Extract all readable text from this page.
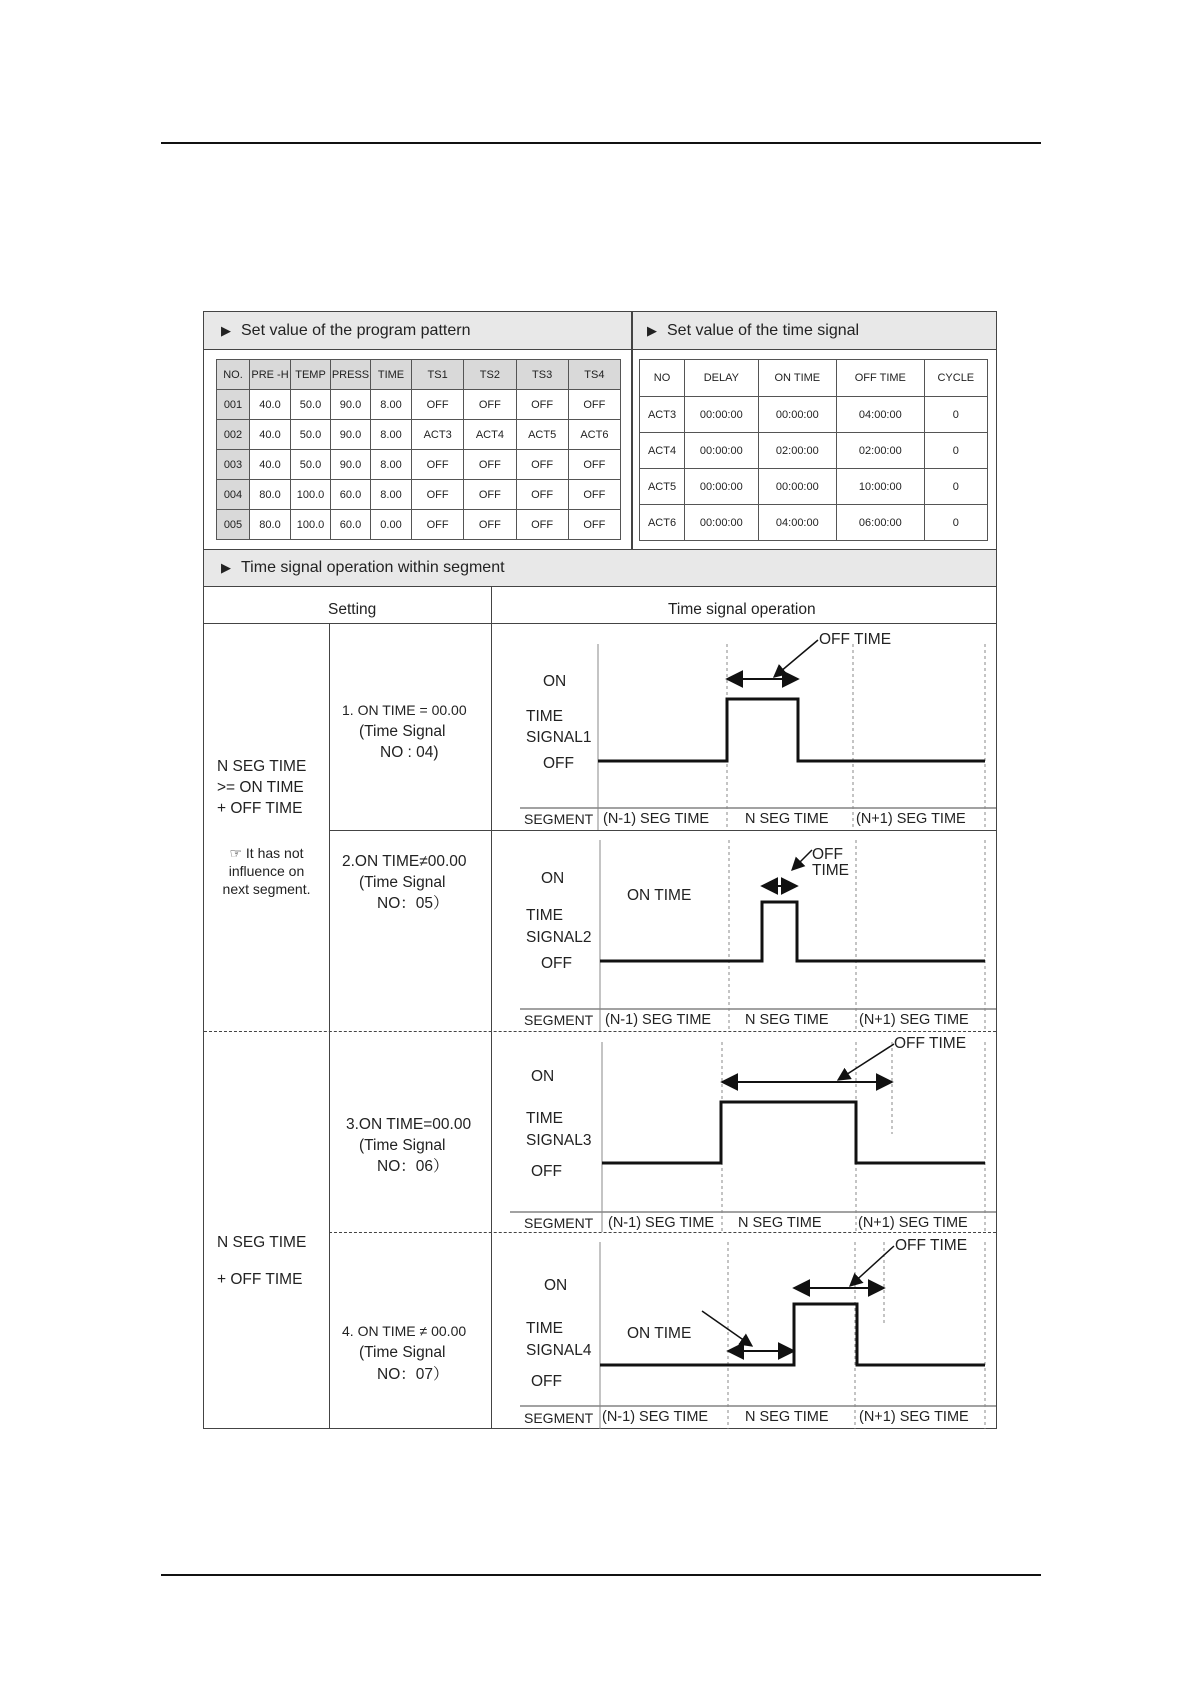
▶ Set value of the program pattern	▶ Set value of the time signal
NO.	PRE -H	TEMP	PRESS	TIME	TS1	TS2	TS3	TS4
001	40.0	50.0	90.0	8.00	OFF	OFF	OFF	OFF
002	40.0	50.0	90.0	8.00	ACT3	ACT4	ACT5	ACT6
003	40.0	50.0	90.0	8.00	OFF	OFF	OFF	OFF
004	80.0	100.0	60.0	8.00	OFF	OFF	OFF	OFF
005	80.0	100.0	60.0	0.00	OFF	OFF	OFF	OFF
NO	DELAY	ON TIME	OFF TIME	CYCLE
ACT3	00:00:00	00:00:00	04:00:00	0
ACT4	00:00:00	02:00:00	02:00:00	0
ACT5	00:00:00	00:00:00	10:00:00	0
ACT6	00:00:00	04:00:00	06:00:00	0
▶ Time signal operation within segment
Setting	Time signal operation
N SEG TIME
>= ON TIME
+ OFF TIME
☞ It has not
influence on
next segment.
N SEG TIME
+ OFF TIME
1. ON TIME = 00.00
(Time Signal
NO : 04)
2.ON TIME≠00.00
(Time Signal
NO：05）
3.ON TIME=00.00
(Time Signal
NO：06）
4. ON TIME ≠ 00.00
(Time Signal
NO：07）
ON
TIME
SIGNAL1
OFF
OFF TIME
SEGMENT (N-1) SEG TIME N SEG TIME (N+1) SEG TIME
ON
TIME
SIGNAL2
OFF
ON TIME
OFF
TIME
SEGMENT (N-1) SEG TIME N SEG TIME (N+1) SEG TIME
ON
TIME
SIGNAL3
OFF
OFF TIME
SEGMENT (N-1) SEG TIME N SEG TIME	(N+1) SEG TIME
ON
TIME
SIGNAL4
OFF
ON TIME
OFF TIME
SEGMENT (N-1) SEG TIME	N SEG TIME (N+1) SEG TIME
